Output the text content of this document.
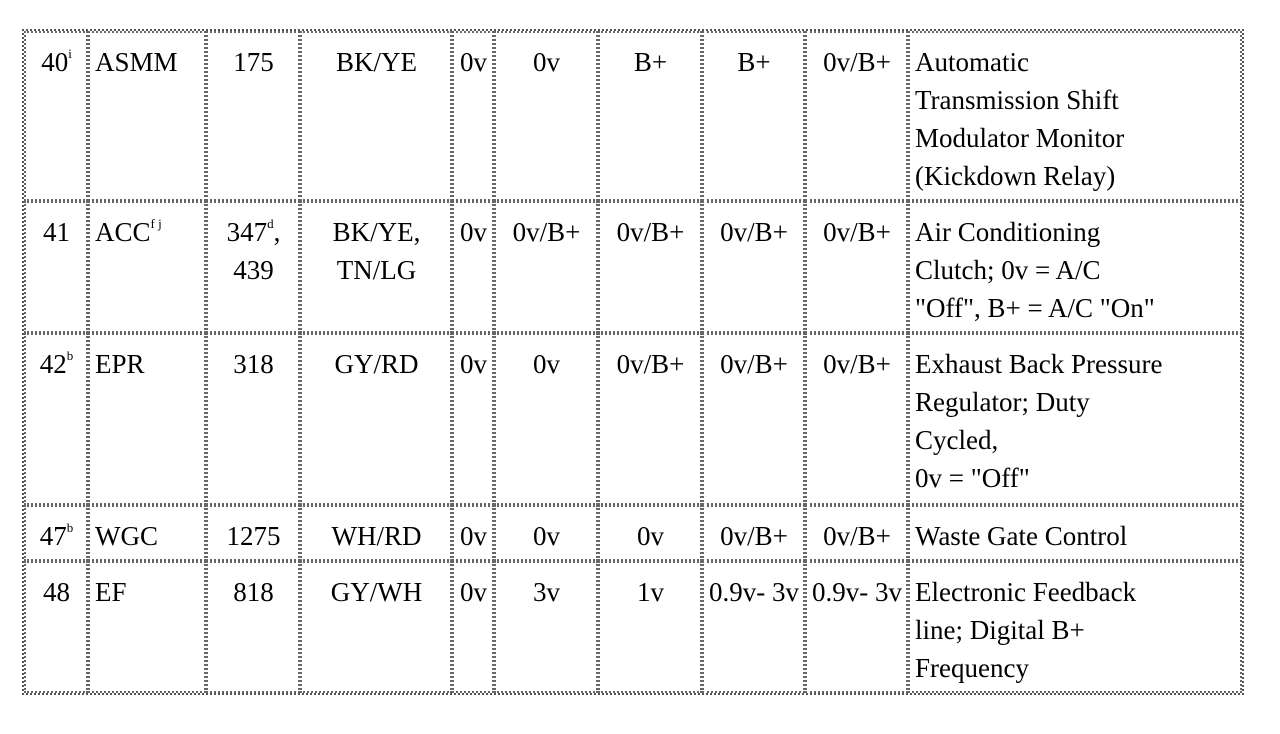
40$^i$	ASMM	175	BK/YE	0v	0v	B+	B+	0v/B+	Automatic
Transmission Shift
Modulator Monitor
(Kickdown Relay)

41	$ACC^{f j}$	347$^d$, 439	BK/YE, TN/LG	0v	0v/B+	0v/B+	0v/B+	0v/B+	Air Conditioning
Clutch; 0v = A/C
"Off", B+ = A/C "On"

42$^b$	EPR	318	GY/RD	0v	0v	0v/B+	0v/B+	0v/B+	Exhaust Back Pressure
Regulator; Duty
Cycled,
0v = "Off"

47$^b$	WGC	1275	WH/RD	0v	0v	0v	0v/B+	0v/B+	Waste Gate Control

48	EF	818	GY/WH	0v	3v	1v	0.9v- 3v	0.9v- 3v	Electronic Feedback
line; Digital B+
Frequency
